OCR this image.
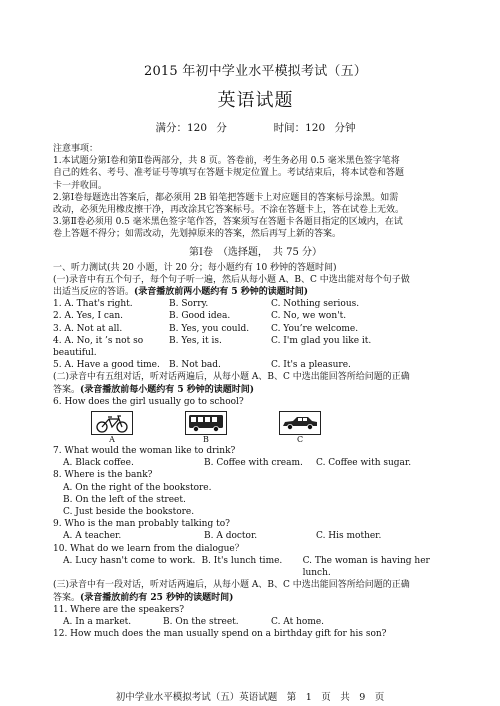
2015 年初中学业水平模拟考试（五）
英语试题
满分：120 分	时间：120 分钟

注意事项：

1.本试题分第Ⅰ卷和第Ⅱ卷两部分，共 8 页。答卷前，考生务必用 0.5 毫米黑色签字笔将

自己的姓名、考号、准考证号等填写在答题卡规定位置上。考试结束后，将本试卷和答题

卡一并收回。

2.第Ⅰ卷每题选出答案后，都必须用 2B 铅笔把答题卡上对应题目的答案标号涂黑。如需

改动，必须先用橡皮擦干净，再改涂其它答案标号。不涂在答题卡上，答在试卷上无效。

3.第Ⅱ卷必须用 0.5 毫米黑色签字笔作答，答案须写在答题卡各题目指定的区域内，在试

卷上答题不得分；如需改动，先划掉原来的答案，然后再写上新的答案。

第Ⅰ卷　（选择题，　共 75 分）

一、听力测试(共 20 小题，计 20 分；每小题约有 10 秒钟的答题时间)

(一)录音中有五个句子，每个句子听一遍，然后从每小题 A、B、C 中选出能对每个句子做

出适当反应的答语。(录音播放前两小题约有 5 秒钟的读题时间)

1. A. That's right.	B. Sorry.	C. Nothing serious.
2. A. Yes, I can.	B. Good idea.	C. No, we won't.
3. A. Not at all.	B. Yes, you could.	C. You’re welcome.
4. A. No, it ’s not so beautiful.
B. Yes, it is.	C. I'm glad you like it.
5. A. Have a good time.	B. Not bad.	C. It's a pleasure.

(二)录音中有五组对话，听对话两遍后，从每小题 A、B、C 中选出能回答所给问题的正确

答案。(录音播放前每小题约有 5 秒钟的读题时间)

6. How does the girl usually go to school?

A	B	C

7. What would the woman like to drink?

A. Black coffee.	B. Coffee with cream.	C. Coffee with sugar.

8. Where is the bank?

A. On the right of the bookstore.

B. On the left of the street.

C. Just beside the bookstore.

9. Who is the man probably talking to?

A. A teacher.	B. A doctor.	C. His mother.

10. What do we learn from the dialogue？

A. Lucy hasn't come to work. B. It's lunch time.	C. The woman is having her lunch.

(三)录音中有一段对话，听对话两遍后，从每小题 A、B、C 中选出能回答所给问题的正确

答案。(录音播放前约有 25 秒钟的读题时间)

11. Where are the speakers?

A. In a market.	B. On the street.	C. At home.

12. How much does the man usually spend on a birthday gift for his son?

初中学业水平模拟考试（五）英语试题　第　1　页　共　9　页
